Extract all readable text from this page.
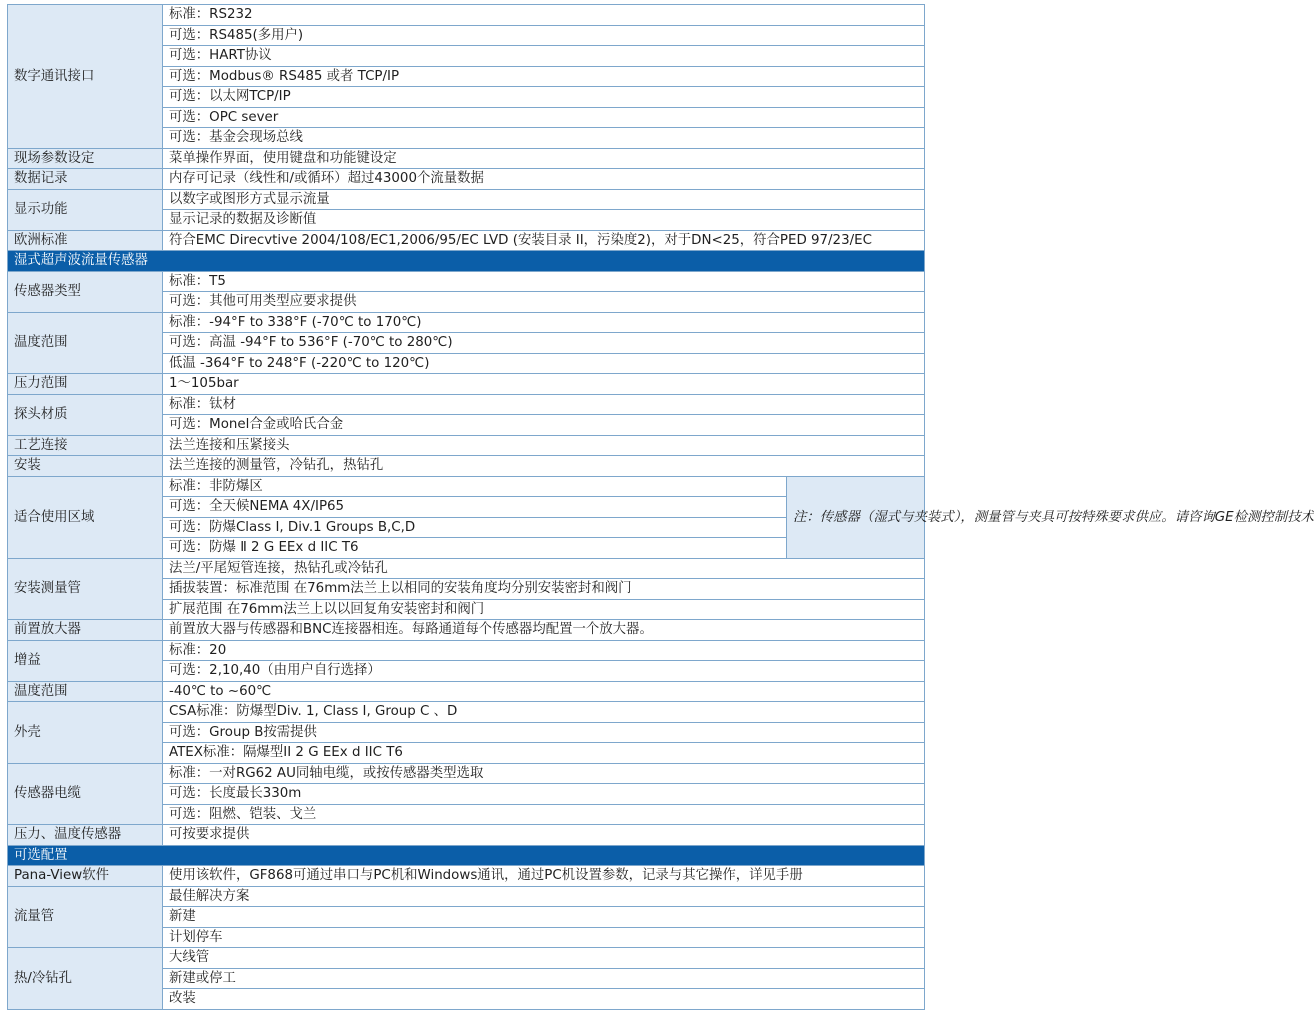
数字通讯接口	标准：RS232	
	可选：RS485(多用户)	
	可选：HART协议	
	可选：Modbus® RS485 或者 TCP/IP	
	可选：以太网TCP/IP	
	可选：OPC sever	
	可选：基金会现场总线	
现场参数设定	菜单操作界面，使用键盘和功能键设定	
数据记录	内存可记录（线性和/或循环）超过43000个流量数据	
显示功能	以数字或图形方式显示流量	
	显示记录的数据及诊断值	
欧洲标准	符合EMC Direcvtive 2004/108/EC1,2006/95/EC LVD (安装目录 II，污染度2)，对于DN<25，符合PED 97/23/EC	
湿式超声波流量传感器		
传感器类型	标准：T5	
	可选：其他可用类型应要求提供	
温度范围	标准：-94°F to 338°F (-70℃ to 170℃)	
	可选：高温 -94°F to 536°F (-70℃ to 280℃)	
	低温 -364°F to 248°F (-220℃ to 120℃)	
压力范围	1～105bar	
探头材质	标准：钛材	
	可选：Monel合金或哈氏合金	
工艺连接	法兰连接和压紧接头	
安装	法兰连接的测量管，冷钻孔，热钻孔	
适合使用区域	标准：非防爆区	注：传感器（湿式与夹装式），测量管与夹具可按特殊要求供应。请咨询GE检测控制技术
	可选：全天候NEMA 4X/IP65	
	可选：防爆Class I, Div.1 Groups B,C,D	
	可选：防爆 Ⅱ 2 G EEx d IIC T6	
安装测量管	法兰/平尾短管连接，热钻孔或冷钻孔	
	插拔装置：标准范围 在76mm法兰上以相同的安装角度均分别安装密封和阀门	
	扩展范围 在76mm法兰上以以回复角安装密封和阀门	
前置放大器	前置放大器与传感器和BNC连接器相连。每路通道每个传感器均配置一个放大器。	
增益	标准：20	
	可选：2,10,40（由用户自行选择）	
温度范围	-40℃ to ~60℃	
外壳	CSA标准：防爆型Div. 1, Class I, Group C 、D	
	可选：Group B按需提供	
	ATEX标准：隔爆型II 2 G EEx d IIC T6	
传感器电缆	标准：一对RG62 AU同轴电缆，或按传感器类型选取	
	可选：长度最长330m	
	可选：阻燃、铠装、戈兰	
压力、温度传感器	可按要求提供	
可选配置		
Pana-View软件	使用该软件，GF868可通过串口与PC机和Windows通讯，通过PC机设置参数，记录与其它操作，详见手册	
流量管	最佳解决方案	
	新建	
	计划停车	
热/冷钻孔	大线管	
	新建或停工	
	改装	
